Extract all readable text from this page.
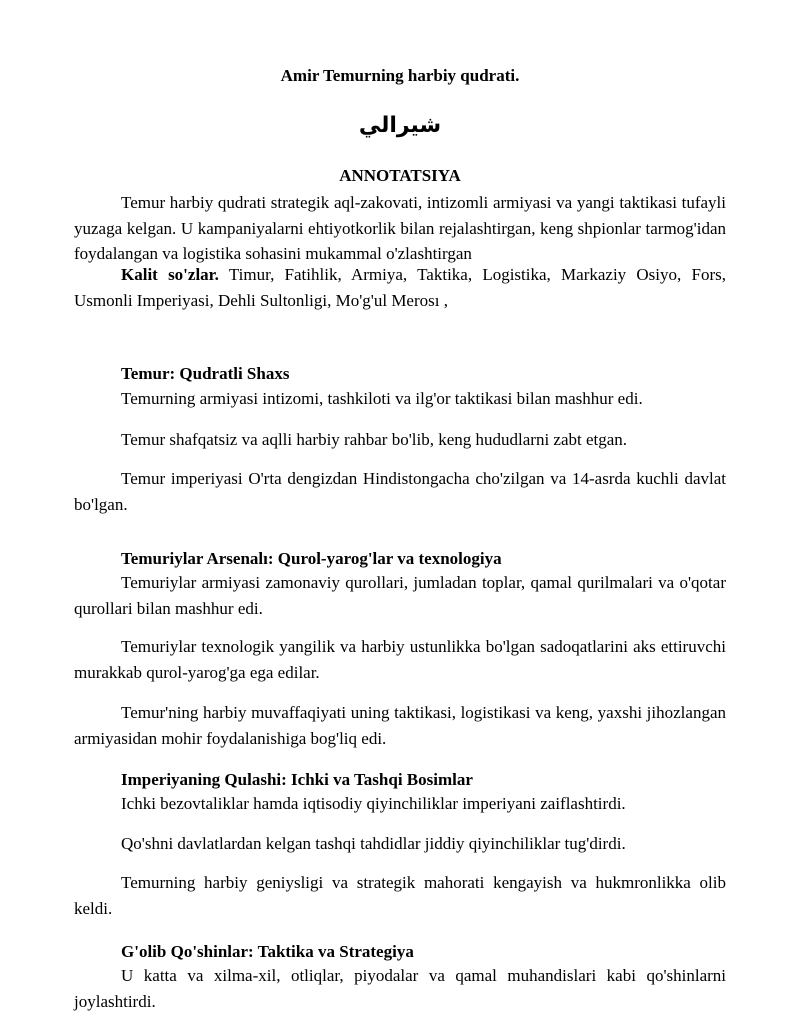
Amir Temurning harbiy qudrati.
شيرالي
ANNOTATSIYA
Temur harbiy qudrati strategik aql-zakovati, intizomli armiyasi va yangi taktikasi tufayli yuzaga kelgan. U kampaniyalarni ehtiyotkorlik bilan rejalashtirgan, keng shpionlar tarmog'idan foydalangan va logistika sohasini mukammal o'zlashtirgan
Kalit so'zlar. Timur, Fatihlik, Armiya, Taktika, Logistika, Markaziy Osiyo, Fors, Usmonli Imperiyasi, Dehli Sultonligi, Mo'g'ul Merosı ,
Temur: Qudratli Shaxs
Temurning armiyasi intizomi, tashkiloti va ilg'or taktikasi bilan mashhur edi.
Temur shafqatsiz va aqlli harbiy rahbar bo'lib, keng hududlarni zabt etgan.
Temur imperiyasi O'rta dengizdan Hindistongacha cho'zilgan va 14-asrda kuchli davlat bo'lgan.
Temuriylar Arsenalı: Qurol-yarog'lar va texnologiya
Temuriylar armiyasi zamonaviy qurollari, jumladan toplar, qamal qurilmalari va o'qotar qurollari bilan mashhur edi.
Temuriylar texnologik yangilik va harbiy ustunlikka bo'lgan sadoqatlarini aks ettiruvchi murakkab qurol-yarog'ga ega edilar.
Temur'ning harbiy muvaffaqiyati uning taktikasi, logistikasi va keng, yaxshi jihozlangan armiyasidan mohir foydalanishiga bog'liq edi.
Imperiyaning Qulashi: Ichki va Tashqi Bosimlar
Ichki bezovtaliklar hamda iqtisodiy qiyinchiliklar imperiyani zaiflashtirdi.
Qo'shni davlatlardan kelgan tashqi tahdidlar jiddiy qiyinchiliklar tug'dirdi.
Temurning harbiy geniysligi va strategik mahorati kengayish va hukmronlikka olib keldi.
G'olib Qo'shinlar: Taktika va Strategiya
U katta va xilma-xil, otliqlar, piyodalar va qamal muhandislari kabi qo'shinlarni joylashtirdi.
